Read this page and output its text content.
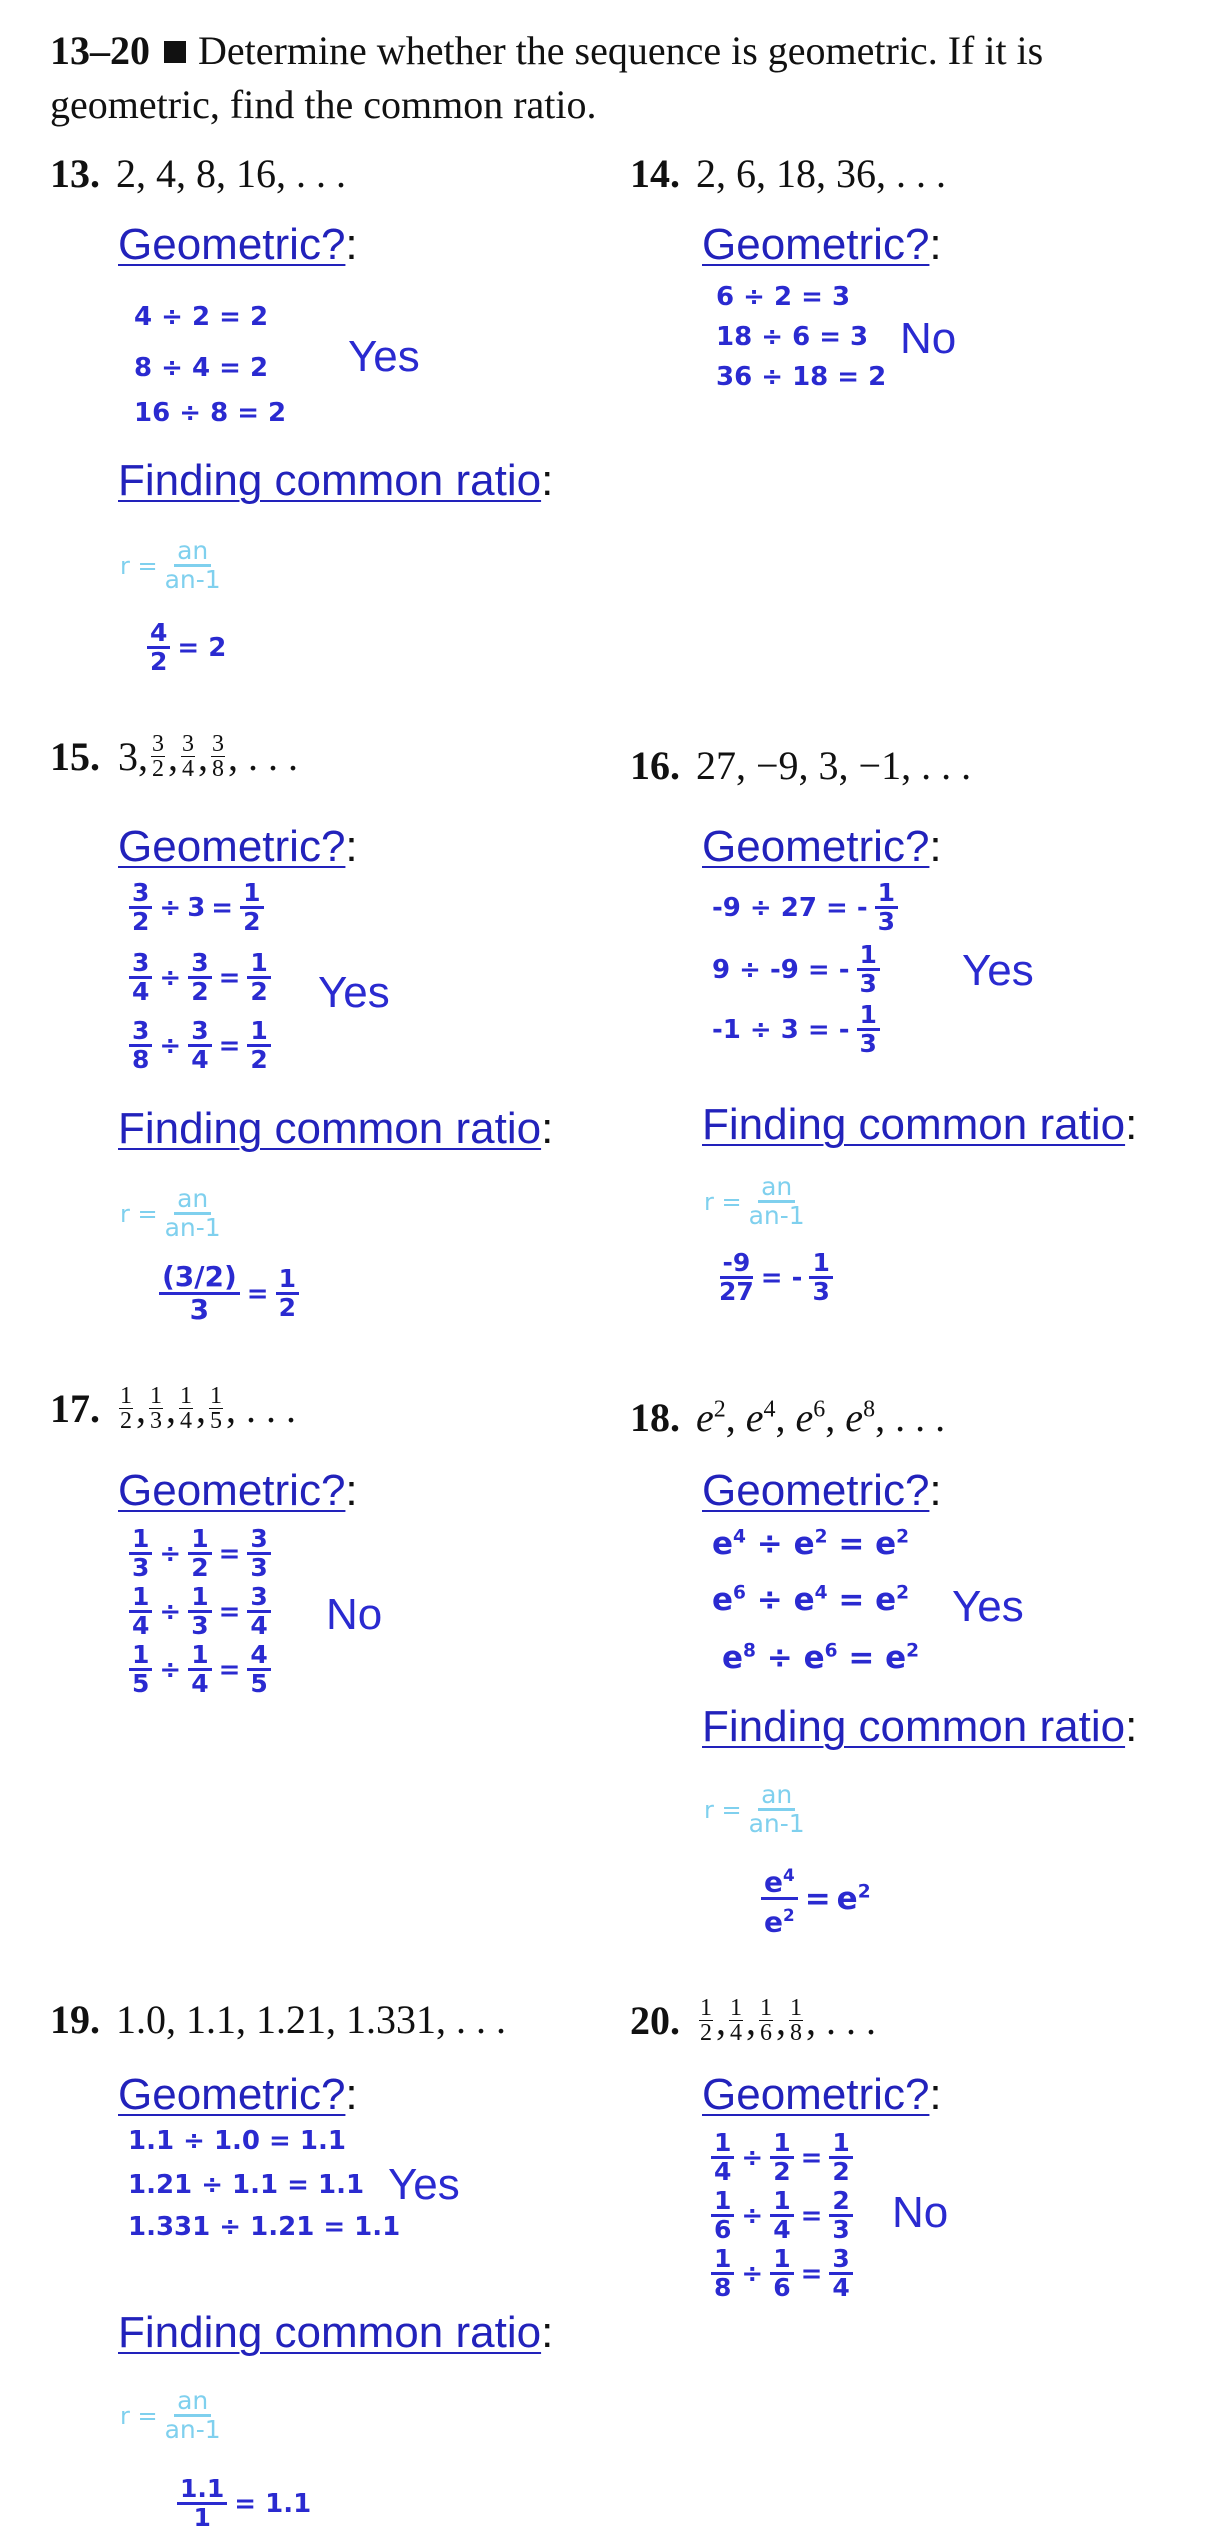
13–20 Determine whether the sequence is geometric. If it is geometric, find the common ratio.
13. 2, 4, 8, 16, . . .
Geometric?:
4 ÷ 2 = 2
8 ÷ 4 = 2
16 ÷ 8 = 2
Yes
Finding common ratio:
$r = \frac{an}{an-1}$
$\frac{4}{2} = 2$
14. 2, 6, 18, 36, . . .
Geometric?:
6 ÷ 2 = 3
18 ÷ 6 = 3
36 ÷ 18 = 2
No
15. 3, $\frac{3}{2}$ , $\frac{3}{4}$ , $\frac{3}{8}$ , . . .
Geometric?:
$\frac{3}{2} \div 3 = \frac{1}{2}$
$\frac{3}{4} \div \frac{3}{2} = \frac{1}{2}$
$\frac{3}{8} \div \frac{3}{4} = \frac{1}{2}$
Yes
Finding common ratio:
$r = \frac{an}{an-1}$
$\frac{(3/2)}{3} = \frac{1}{2}$
16. 27, −9, 3, −1, . . .
Geometric?:
-9 ÷ 27 = - $\frac{1}{3}$
9 ÷ -9 = - $\frac{1}{3}$
-1 ÷ 3 = - $\frac{1}{3}$
Yes
Finding common ratio:
$r = \frac{an}{an-1}$
$\frac{-9}{27}$ = - $\frac{1}{3}$
17. $\frac{1}{2}$ , $\frac{1}{3}$ , $\frac{1}{4}$ , $\frac{1}{5}$ , . . .
Geometric?:
$\frac{1}{3} \div \frac{1}{2} = \frac{3}{3}$
$\frac{1}{4} \div \frac{1}{3} = \frac{3}{4}$
$\frac{1}{5} \div \frac{1}{4} = \frac{4}{5}$
No
18. $e^2$, $e^4$, $e^6$, $e^8$, . . .
Geometric?:
$e^4 \div e^2 = e^2$
$e^6 \div e^4 = e^2$
$e^8 \div e^6 = e^2$
Yes
Finding common ratio:
$r = \frac{an}{an-1}$
$\frac{e^4}{e^2} = e^2$
19. 1.0, 1.1, 1.21, 1.331, . . .
Geometric?:
1.1 ÷ 1.0 = 1.1
1.21 ÷ 1.1 = 1.1
1.331 ÷ 1.21 = 1.1
Yes
Finding common ratio:
$r = \frac{an}{an-1}$
$\frac{1.1}{1} = 1.1$
20. $\frac{1}{2}$ , $\frac{1}{4}$ , $\frac{1}{6}$ , $\frac{1}{8}$ , . . .
Geometric?:
$\frac{1}{4} \div \frac{1}{2} = \frac{1}{2}$
$\frac{1}{6} \div \frac{1}{4} = \frac{2}{3}$
$\frac{1}{8} \div \frac{1}{6} = \frac{3}{4}$
No
